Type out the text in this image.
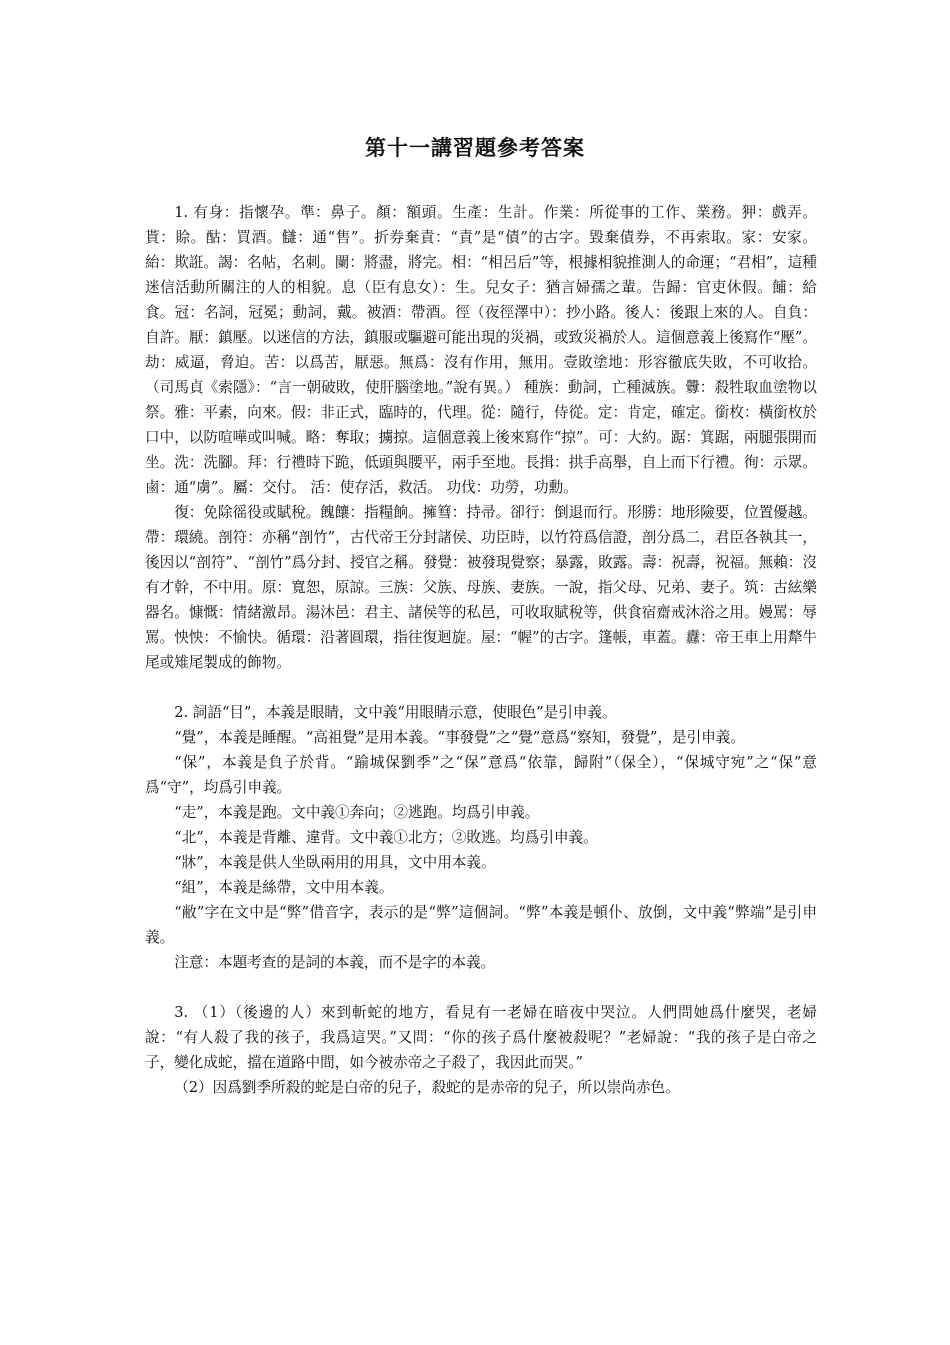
第十一講習題參考答案

1. 有身：指懷孕。準：鼻子。顏：額頭。生產：生計。作業：所從事的工作、業務。狎：戲弄。貰：賒。酤：買酒。讎：通“售”。折券棄責：“責”是“債”的古字。毀棄債券，不再索取。家：安家。紿：欺誑。謁：名帖，名刺。闌：將盡，將完。相：“相呂后”等，根據相貌推測人的命運；“君相”，這種迷信活動所關注的人的相貌。息（臣有息女）：生。兒女子：猶言婦孺之輩。告歸：官吏休假。餔：給食。冠：名詞，冠冕；動詞，戴。被酒：帶酒。徑（夜徑澤中）：抄小路。後人：後跟上來的人。自負：自許。厭：鎮壓。以迷信的方法，鎮服或驅避可能出現的災禍，或致災禍於人。這個意義上後寫作“壓”。劫：威逼，脅迫。苦：以爲苦，厭惡。無爲：沒有作用，無用。壹敗塗地：形容徹底失敗，不可收拾。（司馬貞《索隱》：“言一朝破敗，使肝腦塗地。”說有異。） 種族：動詞，亡種滅族。釁：殺牲取血塗物以祭。雅：平素，向來。假：非正式，臨時的，代理。從：隨行，侍從。定：肯定，確定。銜枚：橫銜枚於口中，以防喧嘩或叫喊。略：奪取；擄掠。這個意義上後來寫作“掠”。可：大約。踞：箕踞，兩腿張開而坐。洗：洗腳。拜：行禮時下跪，低頭與腰平，兩手至地。長揖：拱手高舉，自上而下行禮。徇：示眾。鹵：通“虜”。屬：交付。 活：使存活，救活。 功伐：功勞，功勳。

復：免除徭役或賦稅。餽饟：指糧餉。擁篲：持帚。卻行：倒退而行。形勝：地形險要，位置優越。帶：環繞。剖符：亦稱“剖竹”，古代帝王分封諸侯、功臣時，以竹符爲信證，剖分爲二，君臣各執其一，後因以“剖符”、“剖竹”爲分封、授官之稱。發覺：被發現覺察；暴露，敗露。壽：祝壽，祝福。無賴：沒有才幹，不中用。原：寬恕，原諒。三族：父族、母族、妻族。一說，指父母、兄弟、妻子。筑：古絃樂器名。慷慨：情緒激昂。湯沐邑：君主、諸侯等的私邑，可收取賦稅等，供食宿齋戒沐浴之用。嫚罵：辱罵。怏怏：不愉快。循環：沿著圓環，指往復迴旋。屋：“幄”的古字。篷帳，車蓋。纛：帝王車上用犛牛尾或雉尾製成的飾物。

2. 詞語“目”，本義是眼睛，文中義“用眼睛示意，使眼色”是引申義。

“覺”，本義是睡醒。“高祖覺”是用本義。“事發覺”之“覺”意爲“察知，發覺”，是引申義。

“保”，本義是負子於背。“踰城保劉季”之“保”意爲“依靠，歸附”（保全），“保城守宛”之“保”意爲“守”，均爲引申義。

“走”，本義是跑。文中義①奔向；②逃跑。均爲引申義。

“北”，本義是背離、違背。文中義①北方；②敗逃。均爲引申義。

“牀”，本義是供人坐臥兩用的用具，文中用本義。

“組”，本義是絲帶，文中用本義。

“敝”字在文中是“弊”借音字，表示的是“弊”這個詞。“弊”本義是頓仆、放倒，文中義“弊端”是引申義。

注意：本題考查的是詞的本義，而不是字的本義。

3. （1）（後邊的人）來到斬蛇的地方，看見有一老婦在暗夜中哭泣。人們問她爲什麼哭，老婦說：“有人殺了我的孩子，我爲這哭。”又問：“你的孩子爲什麼被殺呢？”老婦說：“我的孩子是白帝之子，變化成蛇，擋在道路中間，如今被赤帝之子殺了，我因此而哭。”

（2）因爲劉季所殺的蛇是白帝的兒子，殺蛇的是赤帝的兒子，所以崇尚赤色。
